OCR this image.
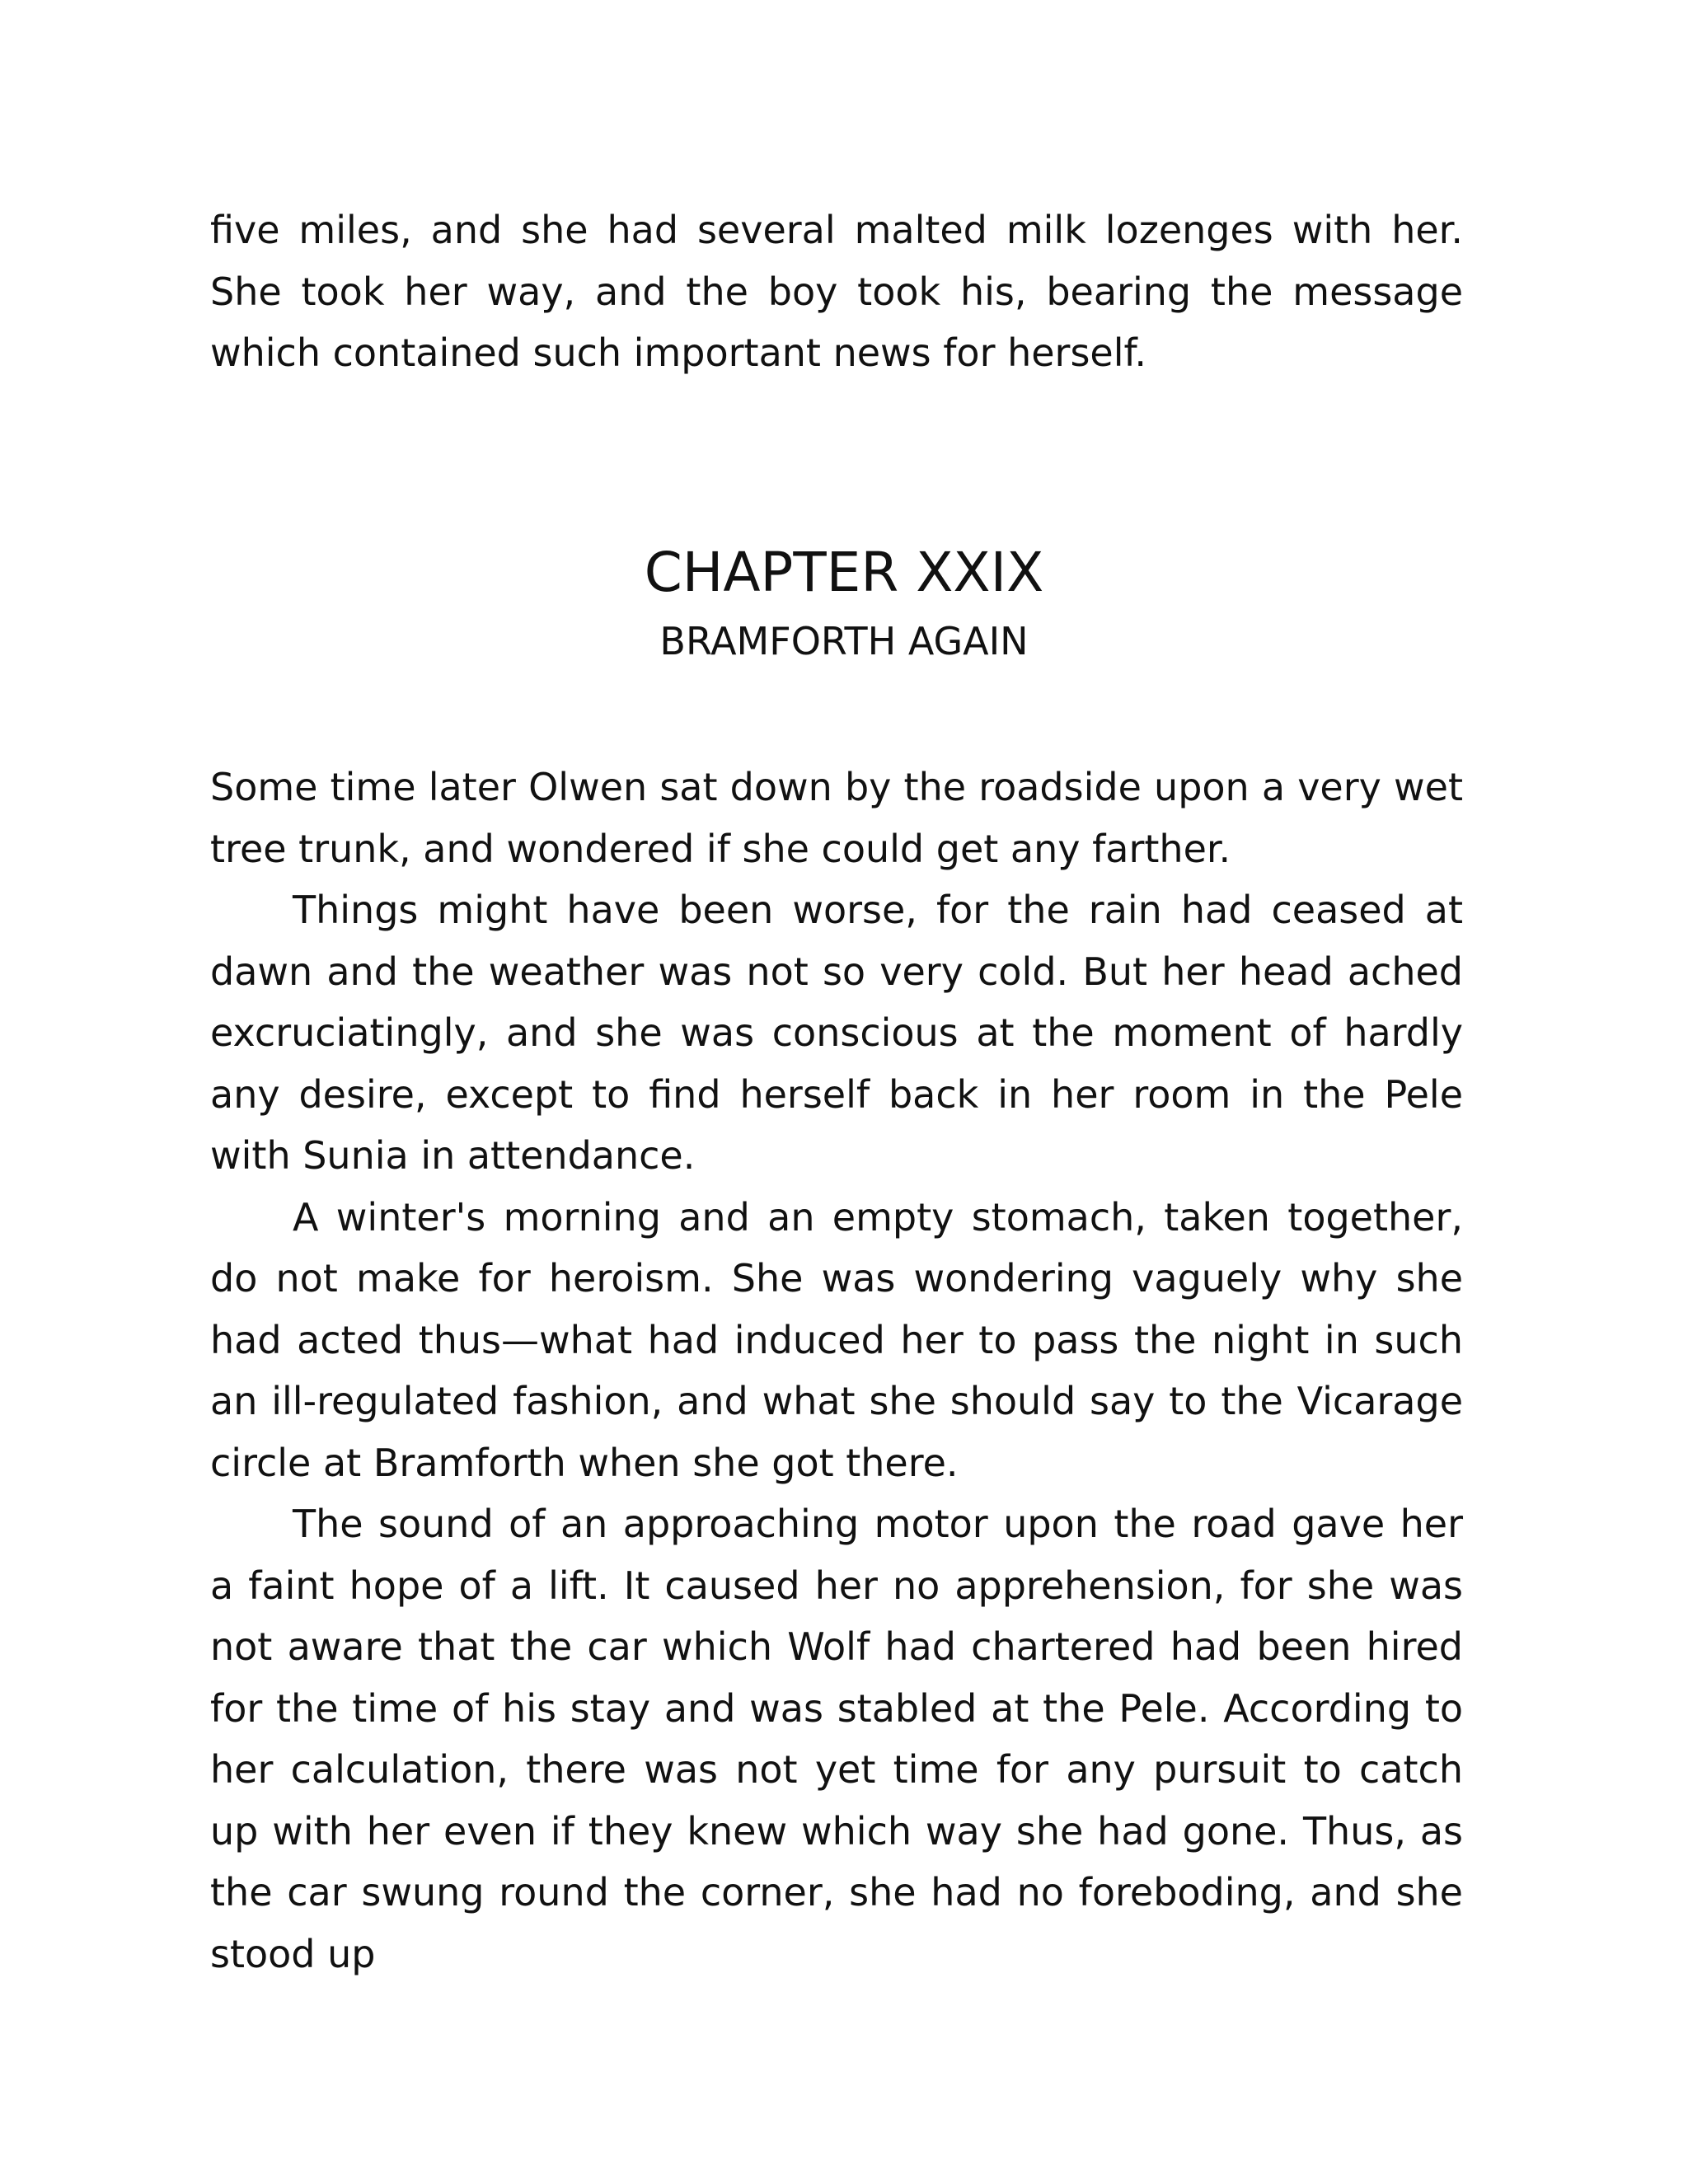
five miles, and she had several malted milk lozenges with her. She took her way, and the boy took his, bearing the message which contained such important news for herself.

CHAPTER XXIX
BRAMFORTH AGAIN

Some time later Olwen sat down by the roadside upon a very wet tree trunk, and wondered if she could get any farther.

Things might have been worse, for the rain had ceased at dawn and the weather was not so very cold. But her head ached excruciatingly, and she was conscious at the moment of hardly any desire, except to find herself back in her room in the Pele with Sunia in attendance.

A winter's morning and an empty stomach, taken together, do not make for heroism. She was wondering vaguely why she had acted thus—what had induced her to pass the night in such an ill-regulated fashion, and what she should say to the Vicarage circle at Bramforth when she got there.

The sound of an approaching motor upon the road gave her a faint hope of a lift. It caused her no apprehension, for she was not aware that the car which Wolf had chartered had been hired for the time of his stay and was stabled at the Pele. According to her calculation, there was not yet time for any pursuit to catch up with her even if they knew which way she had gone. Thus, as the car swung round the corner, she had no foreboding, and she stood up
